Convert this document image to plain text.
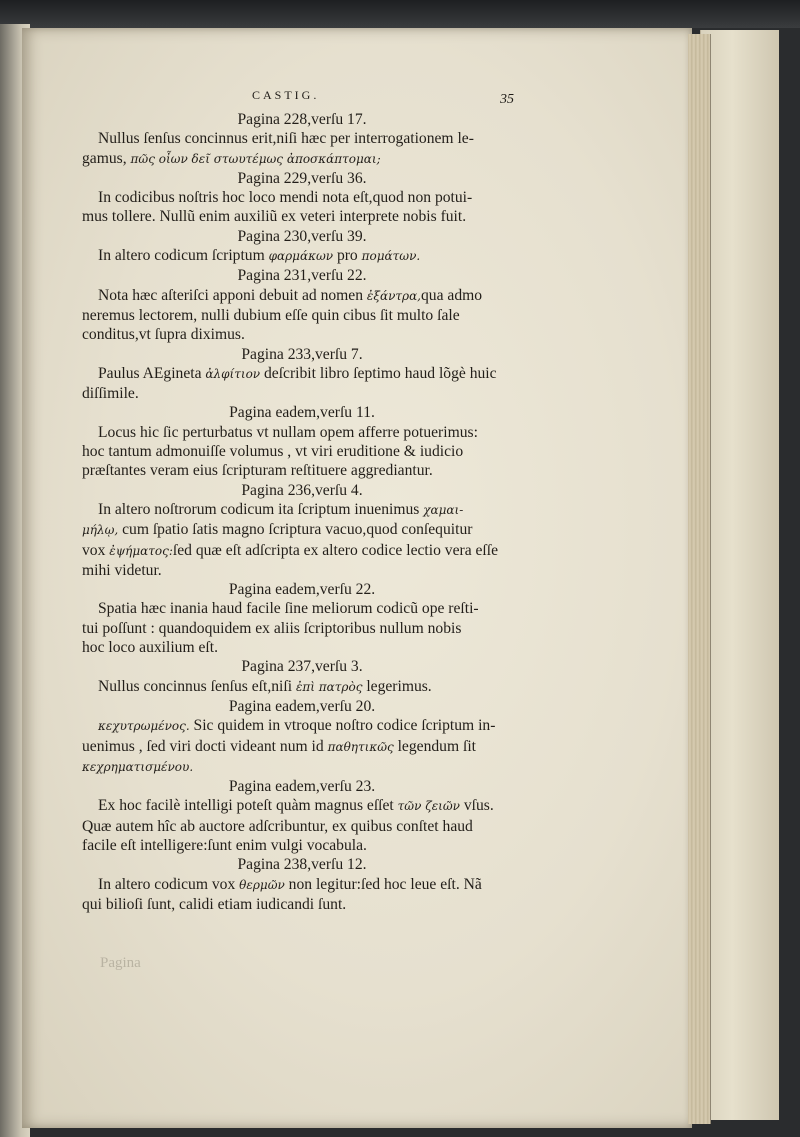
CASTIG.	35

Pagina 228,verſu 17.

Nullus ſenſus concinnus erit,niſi hæc per interrogationem le-

gamus, πῶς οἶων δεῖ στωυτέμως ἀποσκάπτομαι;

Pagina 229,verſu 36.

In codicibus noſtris hoc loco mendi nota eſt,quod non potui-

mus tollere. Nullũ enim auxiliũ ex veteri interprete nobis fuit.

Pagina 230,verſu 39.

In altero codicum ſcriptum φαρμάκων pro πομάτων.

Pagina 231,verſu 22.

Nota hæc aſteriſci apponi debuit ad nomen ἐξάντρα,qua admo

neremus lectorem, nulli dubium eſſe quin cibus ſit multo ſale

conditus,vt ſupra diximus.

Pagina 233,verſu 7.

Paulus AEgineta ἀλφίτιον deſcribit libro ſeptimo haud lõgè huic

diſſimile.

Pagina eadem,verſu 11.

Locus hic ſic perturbatus vt nullam opem afferre potuerimus:

hoc tantum admonuiſſe volumus , vt viri eruditione & iudicio

præſtantes veram eius ſcripturam reſtituere aggrediantur.

Pagina 236,verſu 4.

In altero noſtrorum codicum ita ſcriptum inuenimus χαμαι-

μήλῳ, cum ſpatio ſatis magno ſcriptura vacuo,quod conſequitur

vox ἐψήματος:ſed quæ eſt adſcripta ex altero codice lectio vera eſſe

mihi videtur.

Pagina eadem,verſu 22.

Spatia hæc inania haud facile ſine meliorum codicũ ope reſti-

tui poſſunt : quandoquidem ex aliis ſcriptoribus nullum nobis

hoc loco auxilium eſt.

Pagina 237,verſu 3.

Nullus concinnus ſenſus eſt,niſi ἐπὶ πατρὸς legerimus.

Pagina eadem,verſu 20.

κεχυτρωμένος. Sic quidem in vtroque noſtro codice ſcriptum in-

uenimus , ſed viri docti videant num id παθητικῶς legendum ſit

κεχρηματισμένου.

Pagina eadem,verſu 23.

Ex hoc facilè intelligi poteſt quàm magnus eſſet τῶν ζειῶν vſus.

Quæ autem hîc ab auctore adſcribuntur, ex quibus conſtet haud

facile eſt intelligere:ſunt enim vulgi vocabula.

Pagina 238,verſu 12.

In altero codicum vox θερμῶν non legitur:ſed hoc leue eſt. Nã

qui bilioſi ſunt, calidi etiam iudicandi ſunt.

Pagina
